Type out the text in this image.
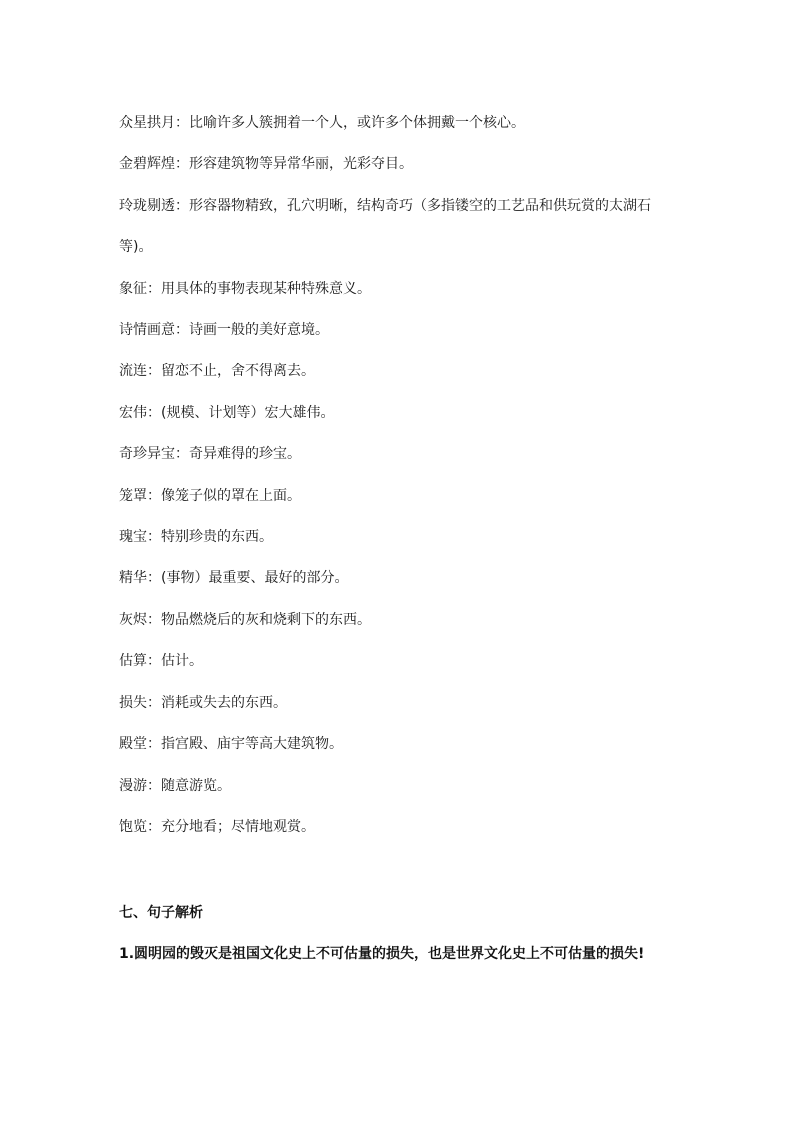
众星拱月：比喻许多人簇拥着一个人，或许多个体拥戴一个核心。
金碧辉煌：形容建筑物等异常华丽，光彩夺目。
玲珑剔透：形容器物精致，孔穴明晰，结构奇巧（多指镂空的工艺品和供玩赏的太湖石等)。
象征：用具体的事物表现某种特殊意义。
诗情画意：诗画一般的美好意境。
流连：留恋不止，舍不得离去。
宏伟：(规模、计划等）宏大雄伟。
奇珍异宝：奇异难得的珍宝。
笼罩：像笼子似的罩在上面。
瑰宝：特别珍贵的东西。
精华：(事物）最重要、最好的部分。
灰烬：物品燃烧后的灰和烧剩下的东西。
估算：估计。
损失：消耗或失去的东西。
殿堂：指宫殿、庙宇等高大建筑物。
漫游：随意游览。
饱览：充分地看；尽情地观赏。
七、句子解析
1.圆明园的毁灭是祖国文化史上不可估量的损失，也是世界文化史上不可估量的损失!
